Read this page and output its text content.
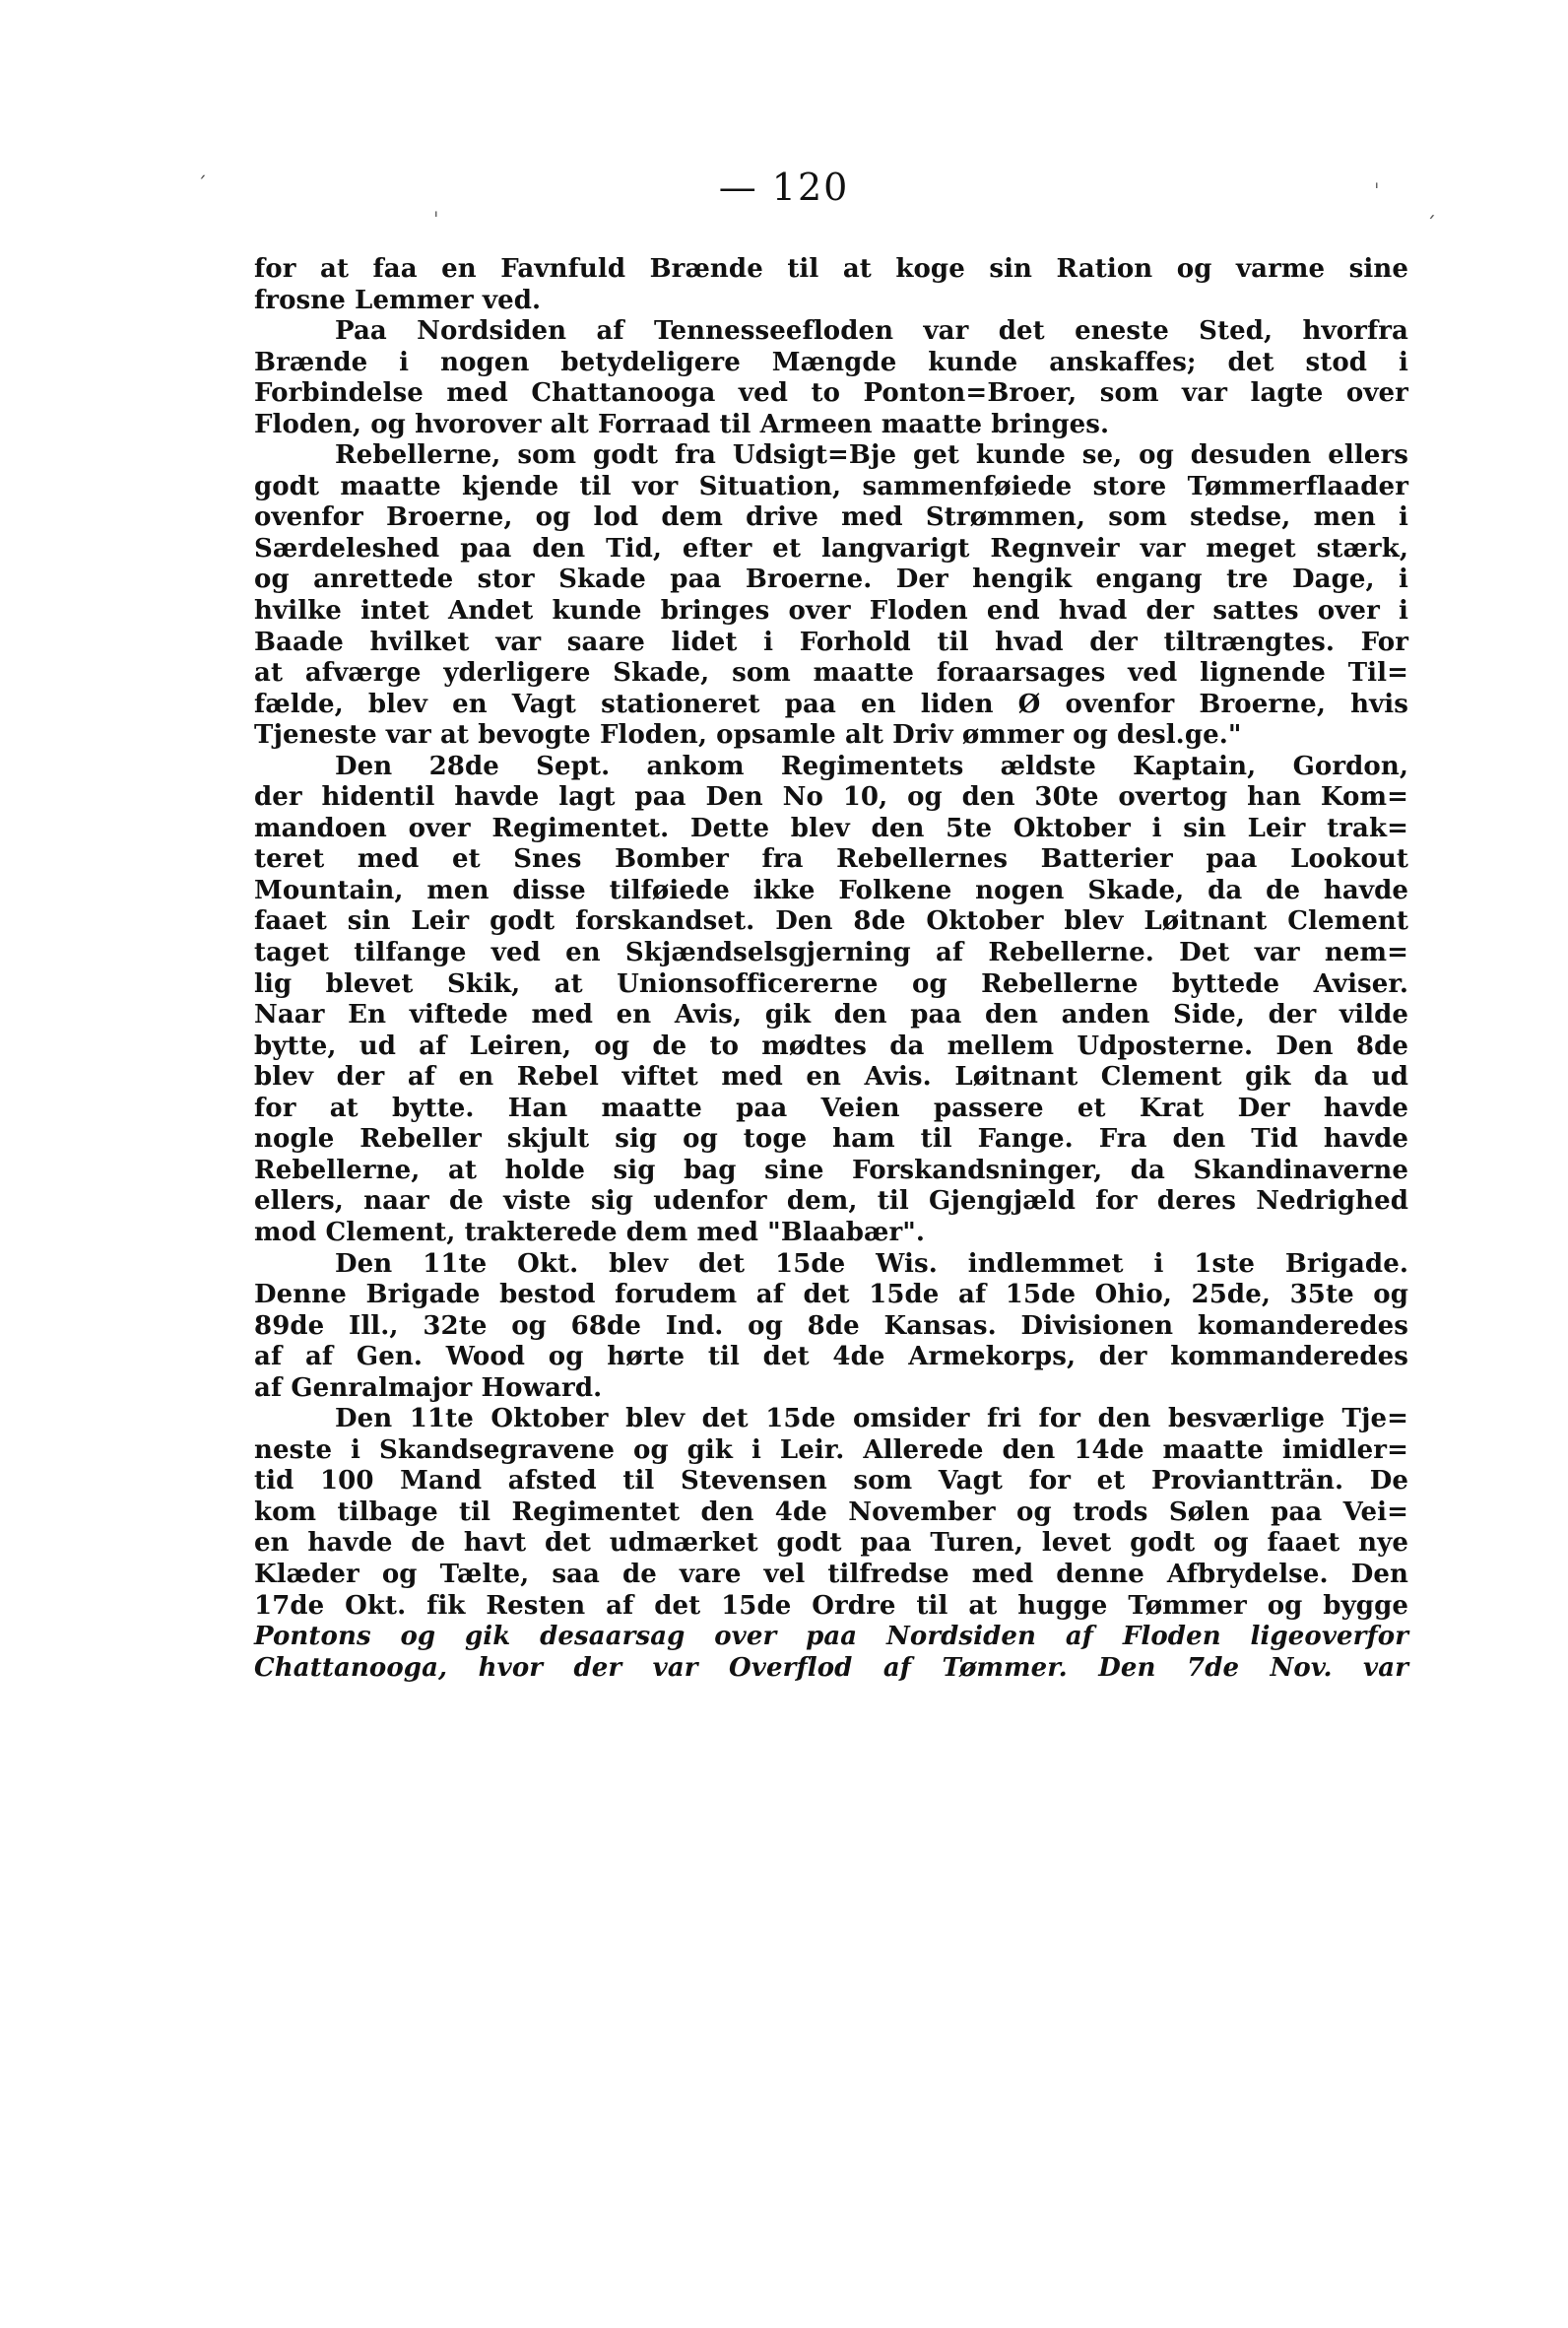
— 120
ˊ
ˌ
ˈ
ˏ
for at faa en Favnfuld Brænde til at koge sin Ration og varme sine
frosne Lemmer ved.
Paa Nordsiden af Tennesseefloden var det eneste Sted, hvorfra
Brænde i nogen betydeligere Mængde kunde anskaffes; det stod i
Forbindelse med Chattanooga ved to Ponton=Broer, som var lagte over
Floden, og hvorover alt Forraad til Armeen maatte bringes.
Rebellerne, som godt fra Udsigt=Bje get kunde se, og desuden ellers
godt maatte kjende til vor Situation, sammenføiede store Tømmerflaader
ovenfor Broerne, og lod dem drive med Strømmen, som stedse, men i
Særdeleshed paa den Tid, efter et langvarigt Regnveir var meget stærk,
og anrettede stor Skade paa Broerne. Der hengik engang tre Dage, i
hvilke intet Andet kunde bringes over Floden end hvad der sattes over i
Baade hvilket var saare lidet i Forhold til hvad der tiltrængtes. For
at afværge yderligere Skade, som maatte foraarsages ved lignende Til=
fælde, blev en Vagt stationeret paa en liden Ø ovenfor Broerne, hvis
Tjeneste var at bevogte Floden, opsamle alt Driv ømmer og desl.ge."
Den 28de Sept. ankom Regimentets ældste Kaptain, Gordon,
der hidentil havde lagt paa Den No 10, og den 30te overtog han Kom=
mandoen over Regimentet. Dette blev den 5te Oktober i sin Leir trak=
teret med et Snes Bomber fra Rebellernes Batterier paa Lookout
Mountain, men disse tilføiede ikke Folkene nogen Skade, da de havde
faaet sin Leir godt forskandset. Den 8de Oktober blev Løitnant Clement
taget tilfange ved en Skjændselsgjerning af Rebellerne. Det var nem=
lig blevet Skik, at Unionsofficererne og Rebellerne byttede Aviser.
Naar En viftede med en Avis, gik den paa den anden Side, der vilde
bytte, ud af Leiren, og de to mødtes da mellem Udposterne. Den 8de
blev der af en Rebel viftet med en Avis. Løitnant Clement gik da ud
for at bytte. Han maatte paa Veien passere et Krat Der havde
nogle Rebeller skjult sig og toge ham til Fange. Fra den Tid havde
Rebellerne, at holde sig bag sine Forskandsninger, da Skandinaverne
ellers, naar de viste sig udenfor dem, til Gjengjæld for deres Nedrighed
mod Clement, trakterede dem med "Blaabær".
Den 11te Okt. blev det 15de Wis. indlemmet i 1ste Brigade.
Denne Brigade bestod forudem af det 15de af 15de Ohio, 25de, 35te og
89de Ill., 32te og 68de Ind. og 8de Kansas. Divisionen komanderedes
af af Gen. Wood og hørte til det 4de Armekorps, der kommanderedes
af Genralmajor Howard.
Den 11te Oktober blev det 15de omsider fri for den besværlige Tje=
neste i Skandsegravene og gik i Leir. Allerede den 14de maatte imidler=
tid 100 Mand afsted til Stevensen som Vagt for et Proviantträn. De
kom tilbage til Regimentet den 4de November og trods Sølen paa Vei=
en havde de havt det udmærket godt paa Turen, levet godt og faaet nye
Klæder og Tælte, saa de vare vel tilfredse med denne Afbrydelse. Den
17de Okt. fik Resten af det 15de Ordre til at hugge Tømmer og bygge
Pontons og gik desaarsag over paa Nordsiden af Floden ligeoverfor
Chattanooga, hvor der var Overflod af Tømmer. Den 7de Nov. var
